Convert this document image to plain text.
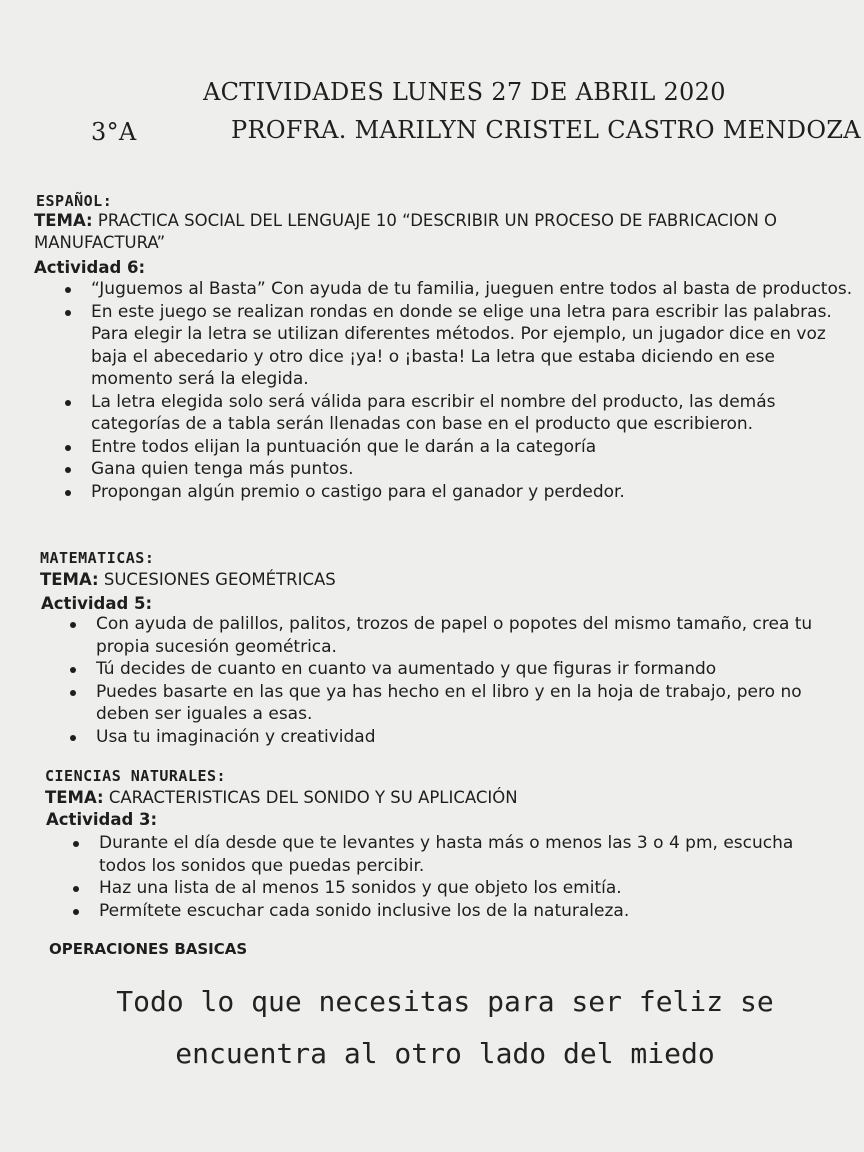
ACTIVIDADES LUNES 27 DE ABRIL 2020
3°A	PROFRA. MARILYN CRISTEL CASTRO MENDOZA
ESPAÑOL:
TEMA: PRACTICA SOCIAL DEL LENGUAJE 10 “DESCRIBIR UN PROCESO DE FABRICACION O MANUFACTURA”
Actividad 6:
“Juguemos al Basta” Con ayuda de tu familia, jueguen entre todos al basta de productos.
En este juego se realizan rondas en donde se elige una letra para escribir las palabras. Para elegir la letra se utilizan diferentes métodos. Por ejemplo, un jugador dice en voz baja el abecedario y otro dice ¡ya! o ¡basta! La letra que estaba diciendo en ese momento será la elegida.
La letra elegida solo será válida para escribir el nombre del producto, las demás categorías de a tabla serán llenadas con base en el producto que escribieron.
Entre todos elijan la puntuación que le darán a la categoría
Gana quien tenga más puntos.
Propongan algún premio o castigo para el ganador y perdedor.
MATEMATICAS:
TEMA: SUCESIONES GEOMÉTRICAS
Actividad 5:
Con ayuda de palillos, palitos, trozos de papel o popotes del mismo tamaño, crea tu propia sucesión geométrica.
Tú decides de cuanto en cuanto va aumentado y que figuras ir formando
Puedes basarte en las que ya has hecho en el libro y en la hoja de trabajo, pero no deben ser iguales a esas.
Usa tu imaginación y creatividad
CIENCIAS NATURALES:
TEMA: CARACTERISTICAS DEL SONIDO Y SU APLICACIÓN
Actividad 3:
Durante el día desde que te levantes y hasta más o menos las 3 o 4 pm, escucha todos los sonidos que puedas percibir.
Haz una lista de al menos 15 sonidos y que objeto los emitía.
Permítete escuchar cada sonido inclusive los de la naturaleza.
OPERACIONES BASICAS
Todo lo que necesitas para ser feliz se
encuentra al otro lado del miedo
